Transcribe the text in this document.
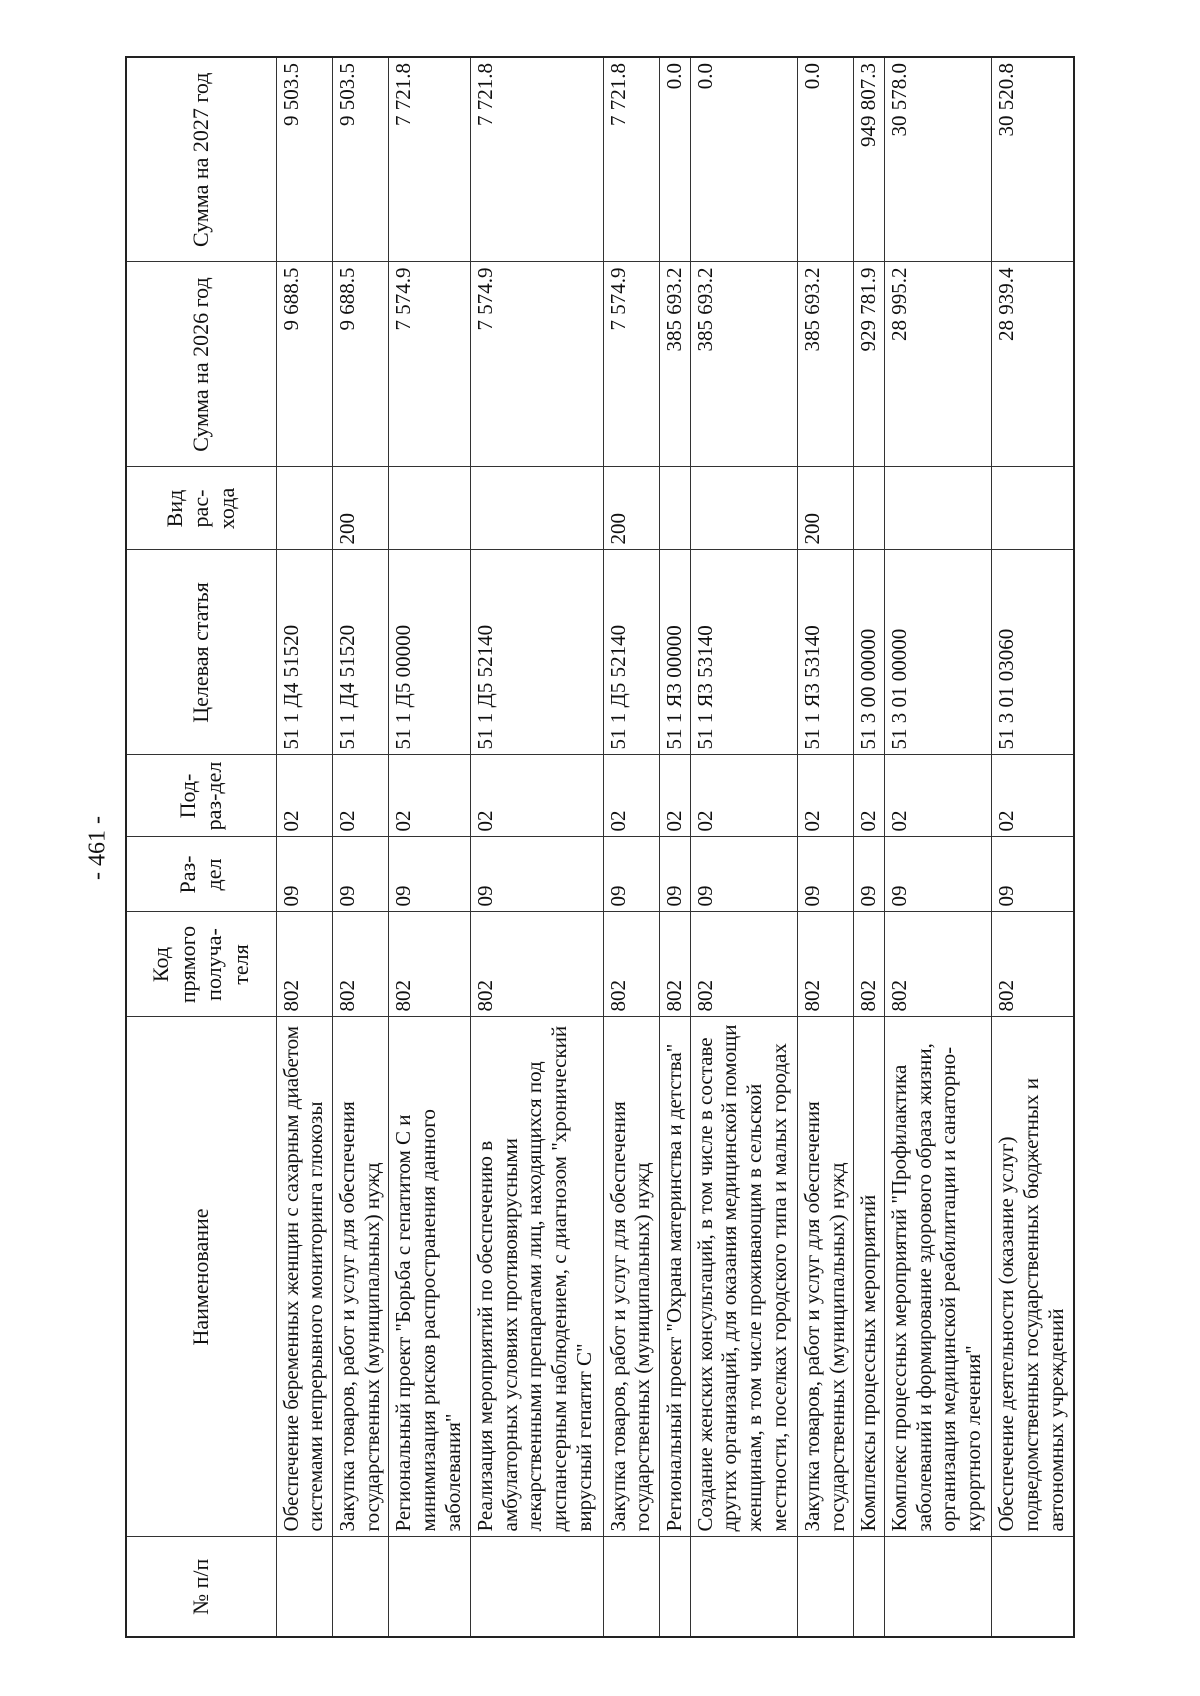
- 461 -
№ п/п	Наименование	Код прямого получа-теля	Раз-дел	Под-раз-дел	Целевая статья	Вид рас-хода	Сумма на 2026 год	Сумма на 2027 год
	Обеспечение беременных женщин с сахарным диабетом системами непрерывного мониторинга глюкозы	802	09	02	51 1 Д4 51520		9 688.5	9 503.5
	Закупка товаров, работ и услуг для обеспечения государственных (муниципальных) нужд	802	09	02	51 1 Д4 51520	200	9 688.5	9 503.5
	Региональный проект "Борьба с гепатитом С и минимизация рисков распространения данного заболевания"	802	09	02	51 1 Д5 00000		7 574.9	7 721.8
	Реализация мероприятий по обеспечению в амбулаторных условиях противовирусными лекарственными препаратами лиц, находящихся под диспансерным наблюдением, с диагнозом "хронический вирусный гепатит С"	802	09	02	51 1 Д5 52140		7 574.9	7 721.8
	Закупка товаров, работ и услуг для обеспечения государственных (муниципальных) нужд	802	09	02	51 1 Д5 52140	200	7 574.9	7 721.8
	Региональный проект "Охрана материнства и детства"	802	09	02	51 1 Я3 00000		385 693.2	0.0
	Создание женских консультаций, в том числе в составе других организаций, для оказания медицинской помощи женщинам, в том числе проживающим в сельской местности, поселках городского типа и малых городах	802	09	02	51 1 Я3 53140		385 693.2	0.0
	Закупка товаров, работ и услуг для обеспечения государственных (муниципальных) нужд	802	09	02	51 1 Я3 53140	200	385 693.2	0.0
	Комплексы процессных мероприятий	802	09	02	51 3 00 00000		929 781.9	949 807.3
	Комплекс процессных мероприятий "Профилактика заболеваний и формирование здорового образа жизни, организация медицинской реабилитации и санаторно-курортного лечения"	802	09	02	51 3 01 00000		28 995.2	30 578.0
	Обеспечение деятельности (оказание услуг) подведомственных государственных бюджетных и автономных учреждений	802	09	02	51 3 01 03060		28 939.4	30 520.8
